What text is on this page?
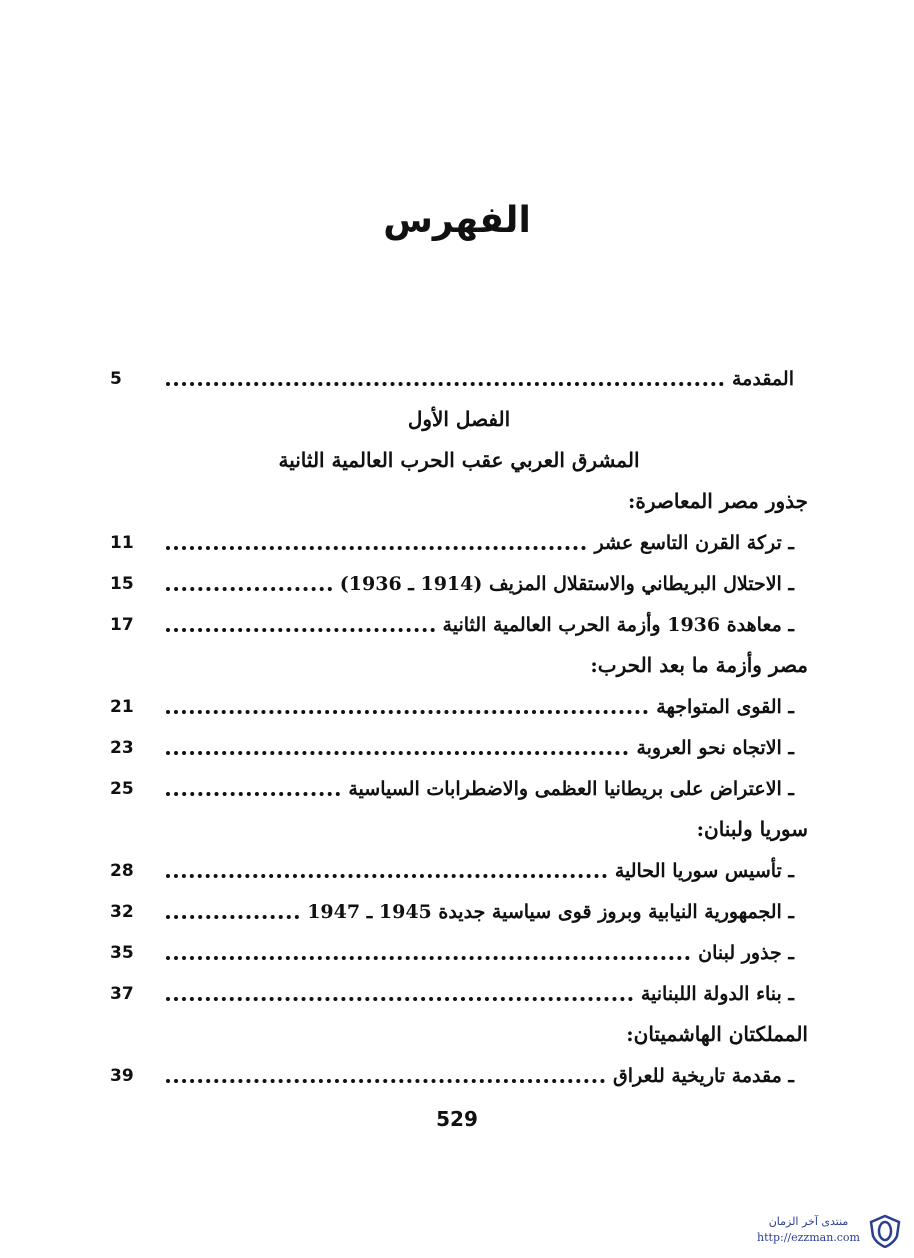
الفهرس
المقدمة
5
الفصل الأول
المشرق العربي عقب الحرب العالمية الثانية
جذور مصر المعاصرة:
ـ تركة القرن التاسع عشر
11
ـ الاحتلال البريطاني والاستقلال المزيف (1914 ـ 1936)
15
ـ معاهدة 1936 وأزمة الحرب العالمية الثانية
17
مصر وأزمة ما بعد الحرب:
ـ القوى المتواجهة
21
ـ الاتجاه نحو العروبة
23
ـ الاعتراض على بريطانيا العظمى والاضطرابات السياسية
25
سوريا ولبنان:
ـ تأسيس سوريا الحالية
28
ـ الجمهورية النيابية وبروز قوى سياسية جديدة 1945 ـ 1947
32
ـ جذور لبنان
35
ـ بناء الدولة اللبنانية
37
المملكتان الهاشميتان:
ـ مقدمة تاريخية للعراق
39
529
منتدى آخر الزمان
http://ezzman.com
